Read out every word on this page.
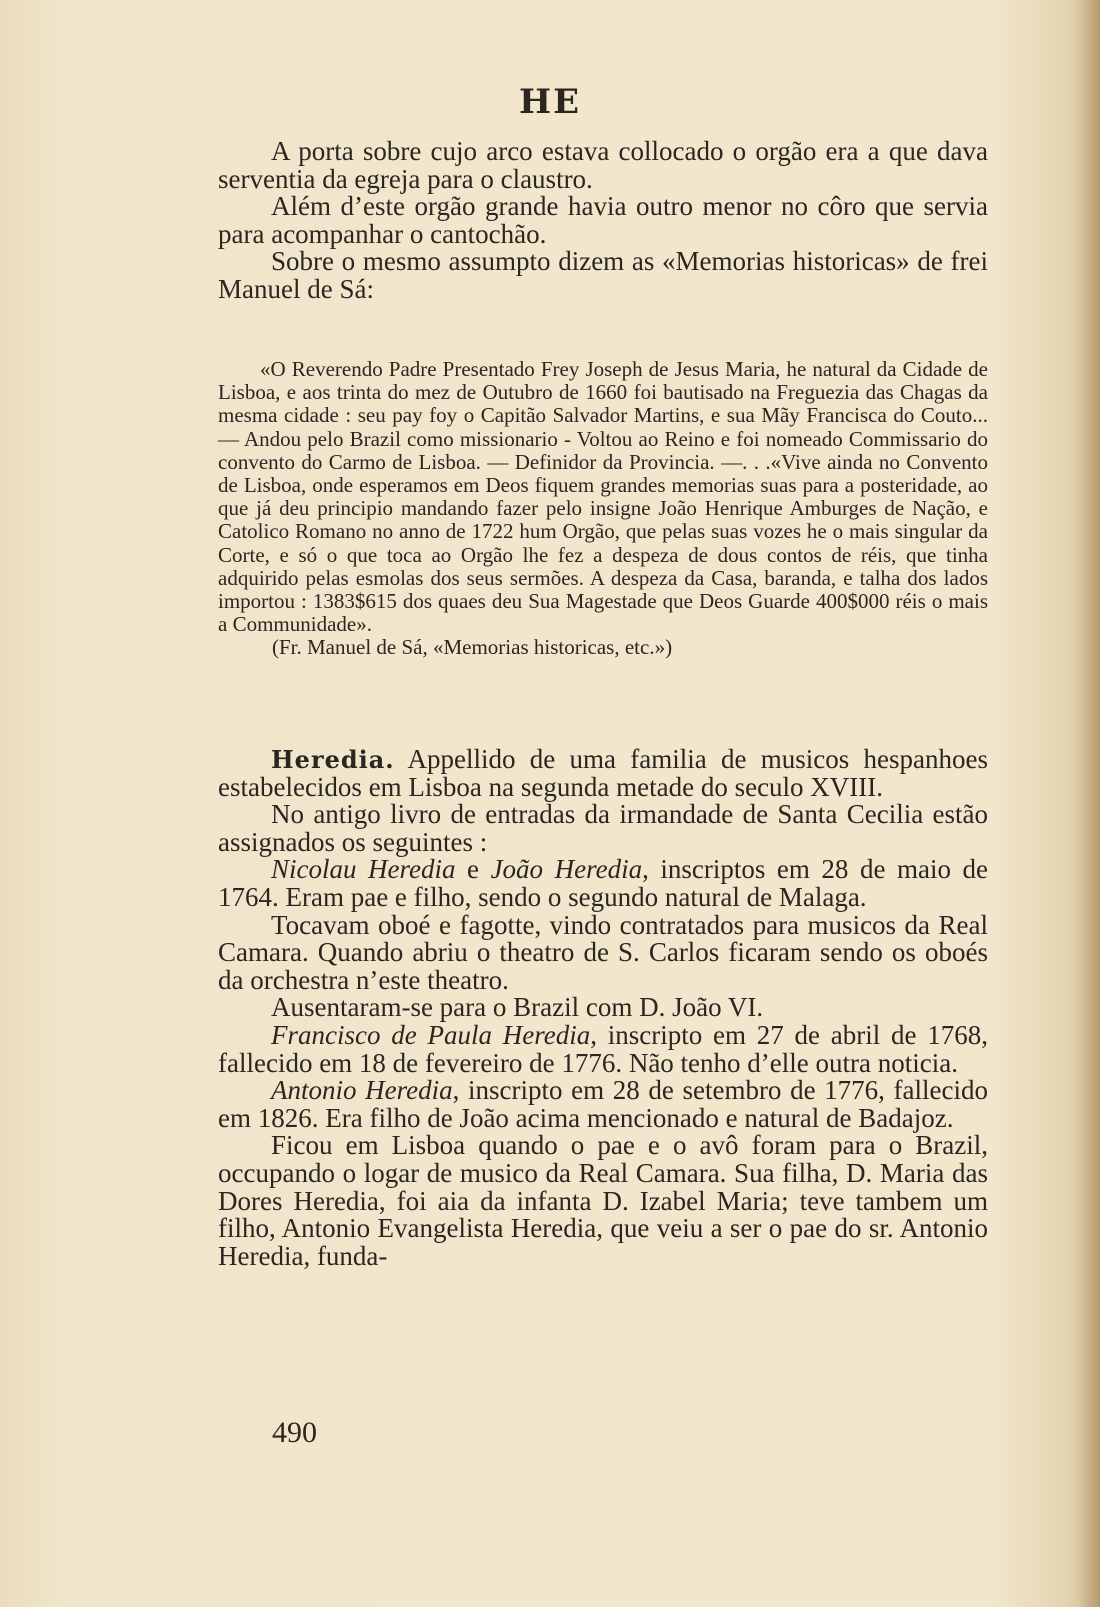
HE

A porta sobre cujo arco estava collocado o orgão era a que dava serventia da egreja para o claustro.

Além d’este orgão grande havia outro menor no côro que servia para acompanhar o cantochão.

Sobre o mesmo assumpto dizem as «Memorias historicas» de frei Manuel de Sá:

«O Reverendo Padre Presentado Frey Joseph de Jesus Maria, he natural da Cidade de Lisboa, e aos trinta do mez de Outubro de 1660 foi bautisado na Freguezia das Chagas da mesma cidade : seu pay foy o Capitão Salvador Martins, e sua Mãy Francisca do Couto...— Andou pelo Brazil como missionario - Voltou ao Reino e foi nomeado Commissario do convento do Carmo de Lisboa. — Definidor da Provincia. —. . .«Vive ainda no Convento de Lisboa, onde esperamos em Deos fiquem grandes memorias suas para a posteridade, ao que já deu principio mandando fazer pelo insigne João Henrique Amburges de Nação, e Catolico Romano no anno de 1722 hum Orgão, que pelas suas vozes he o mais singular da Corte, e só o que toca ao Orgão lhe fez a despeza de dous contos de réis, que tinha adquirido pelas esmolas dos seus sermões. A despeza da Casa, baranda, e talha dos lados importou : 1383$615 dos quaes deu Sua Magestade que Deos Guarde 400$000 réis o mais a Communidade».

(Fr. Manuel de Sá, «Memorias historicas, etc.»)

Heredia. Appellido de uma familia de musicos hespanhoes estabelecidos em Lisboa na segunda metade do seculo XVIII.

No antigo livro de entradas da irmandade de Santa Cecilia estão assignados os seguintes :

Nicolau Heredia e João Heredia, inscriptos em 28 de maio de 1764. Eram pae e filho, sendo o segundo natural de Malaga.

Tocavam oboé e fagotte, vindo contratados para musicos da Real Camara. Quando abriu o theatro de S. Carlos ficaram sendo os oboés da orchestra n’este theatro.

Ausentaram-se para o Brazil com D. João VI.

Francisco de Paula Heredia, inscripto em 27 de abril de 1768, fallecido em 18 de fevereiro de 1776. Não tenho d’elle outra noticia.

Antonio Heredia, inscripto em 28 de setembro de 1776, fallecido em 1826. Era filho de João acima mencionado e natural de Badajoz.

Ficou em Lisboa quando o pae e o avô foram para o Brazil, occupando o logar de musico da Real Camara. Sua filha, D. Maria das Dores Heredia, foi aia da infanta D. Izabel Maria; teve tambem um filho, Antonio Evangelista Heredia, que veiu a ser o pae do sr. Antonio Heredia, funda-

490
